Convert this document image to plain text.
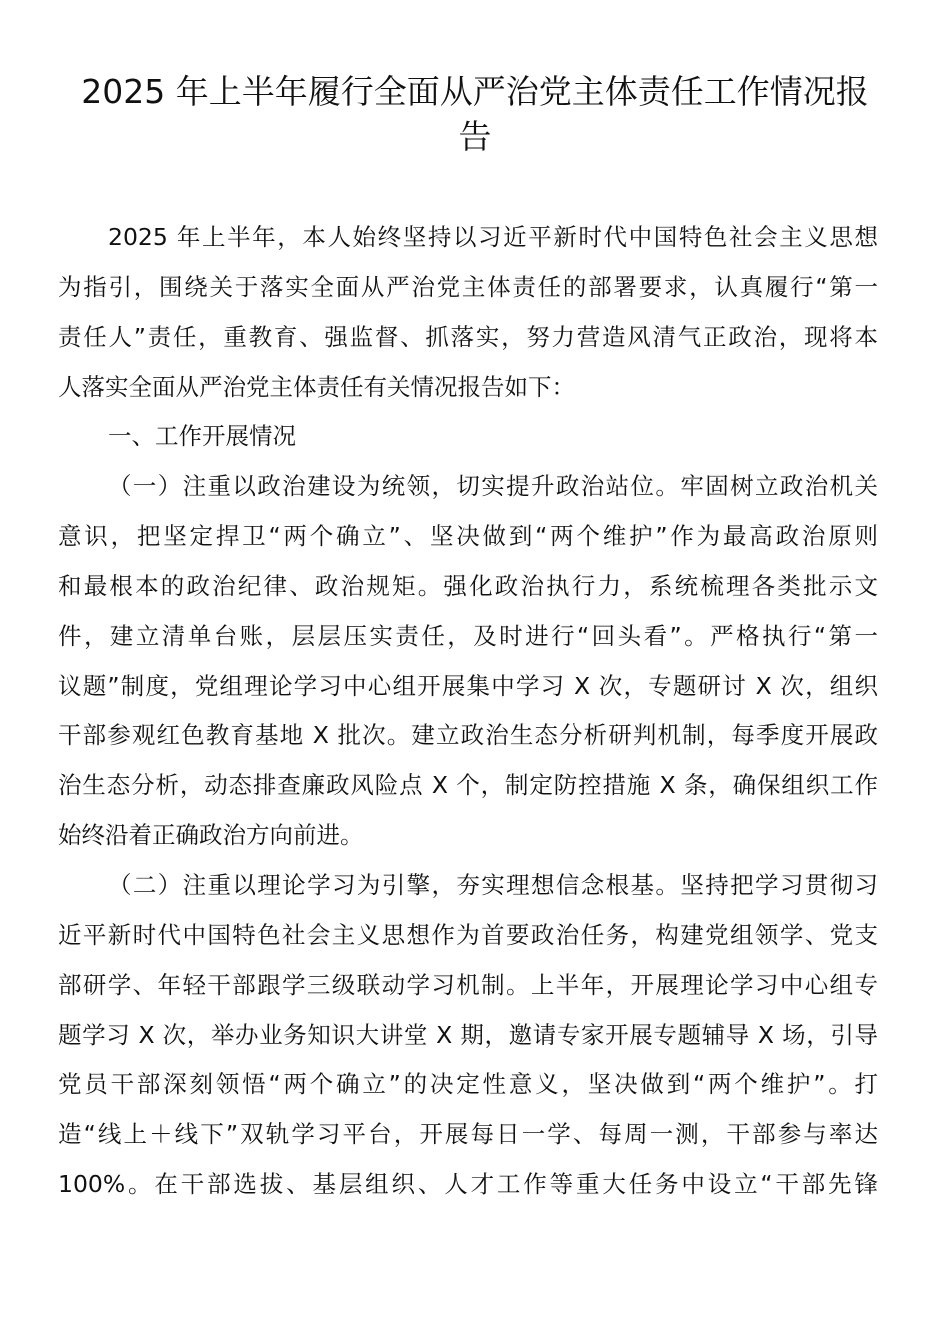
2025 年上半年履行全面从严治党主体责任工作情况报
告
2025 年上半年，本人始终坚持以习近平新时代中国特色社会主义思想
为指引，围绕关于落实全面从严治党主体责任的部署要求，认真履行“第一
责任人”责任，重教育、强监督、抓落实，努力营造风清气正政治，现将本
人落实全面从严治党主体责任有关情况报告如下：
一、工作开展情况
（一）注重以政治建设为统领，切实提升政治站位。牢固树立政治机关
意识，把坚定捍卫“两个确立”、坚决做到“两个维护”作为最高政治原则
和最根本的政治纪律、政治规矩。强化政治执行力，系统梳理各类批示文
件，建立清单台账，层层压实责任，及时进行“回头看”。严格执行“第一
议题”制度，党组理论学习中心组开展集中学习 X 次，专题研讨 X 次，组织
干部参观红色教育基地 X 批次。建立政治生态分析研判机制，每季度开展政
治生态分析，动态排查廉政风险点 X 个，制定防控措施 X 条，确保组织工作
始终沿着正确政治方向前进。
（二）注重以理论学习为引擎，夯实理想信念根基。坚持把学习贯彻习
近平新时代中国特色社会主义思想作为首要政治任务，构建党组领学、党支
部研学、年轻干部跟学三级联动学习机制。上半年，开展理论学习中心组专
题学习 X 次，举办业务知识大讲堂 X 期，邀请专家开展专题辅导 X 场，引导
党员干部深刻领悟“两个确立”的决定性意义，坚决做到“两个维护”。打
造“线上＋线下”双轨学习平台，开展每日一学、每周一测，干部参与率达
100%。在干部选拔、基层组织、人才工作等重大任务中设立“干部先锋
